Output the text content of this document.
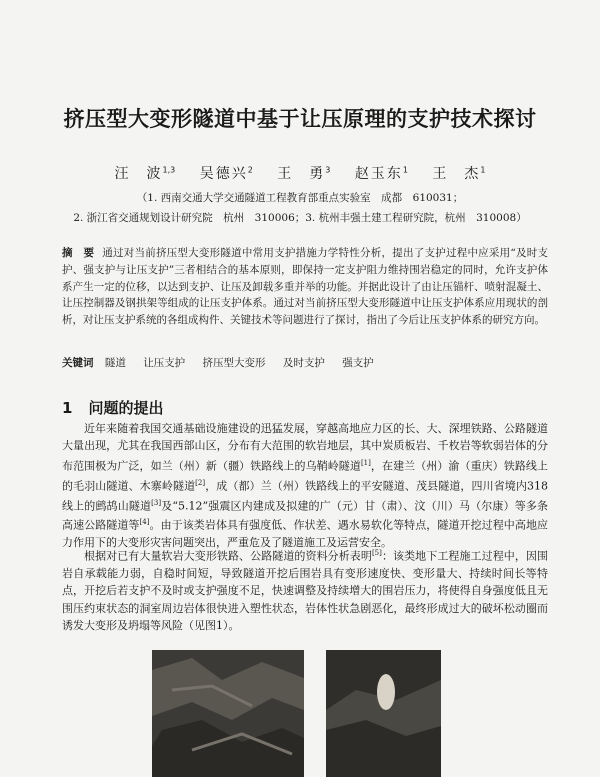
挤压型大变形隧道中基于让压原理的支护技术探讨
汪　波$^{1,3}$ 吴德兴$^2$ 王　勇$^3$ 赵玉东$^1$ 王　杰$^1$
（1. 西南交通大学交通隧道工程教育部重点实验室　成都　610031；
2. 浙江省交通规划设计研究院　杭州　310006；3. 杭州丰强土建工程研究院，杭州　310008）

摘　要 通过对当前挤压型大变形隧道中常用支护措施力学特性分析，提出了支护过程中应采用“及时支护、强支护与让压支护”三者相结合的基本原则，即保持一定支护阻力维持围岩稳定的同时，允许支护体系产生一定的位移，以达到支护、让压及卸载多重并举的功能。并据此设计了由让压锚杆、喷射混凝土、让压控制器及钢拱架等组成的让压支护体系。通过对当前挤压型大变形隧道中让压支护体系应用现状的剖析，对让压支护系统的各组成构件、关键技术等问题进行了探讨，指出了今后让压支护体系的研究方向。

关键词 隧道 让压支护 挤压型大变形 及时支护 强支护
1 问题的提出

近年来随着我国交通基础设施建设的迅猛发展，穿越高地应力区的长、大、深埋铁路、公路隧道大量出现，尤其在我国西部山区，分布有大范围的软岩地层，其中炭质板岩、千枚岩等软弱岩体的分布范围极为广泛，如兰（州）新（疆）铁路线上的乌鞘岭隧道[1]，在建兰（州）渝（重庆）铁路线上的毛羽山隧道、木寨岭隧道[2]，成（都）兰（州）铁路线上的平安隧道、茂县隧道，四川省境内318线上的鹧鸪山隧道[3]及“5.12”强震区内建成及拟建的广（元）甘（肃）、汶（川）马（尔康）等多条高速公路隧道等[4]。由于该类岩体具有强度低、作状差、遇水易软化等特点，隧道开挖过程中高地应力作用下的大变形灾害问题突出，严重危及了隧道施工及运营安全。

根据对已有大量软岩大变形铁路、公路隧道的资料分析表明[5]：该类地下工程施工过程中，因围岩自承载能力弱，自稳时间短，导致隧道开挖后围岩具有变形速度快、变形量大、持续时间长等特点，开挖后若支护不及时或支护强度不足，快速调整及持续增大的围岩压力，将使得自身强度低且无围压约束状态的洞室周边岩体很快进入塑性状态，岩体性状急剧恶化，最终形成过大的破坏松动圈而诱发大变形及坍塌等风险（见图1）。
